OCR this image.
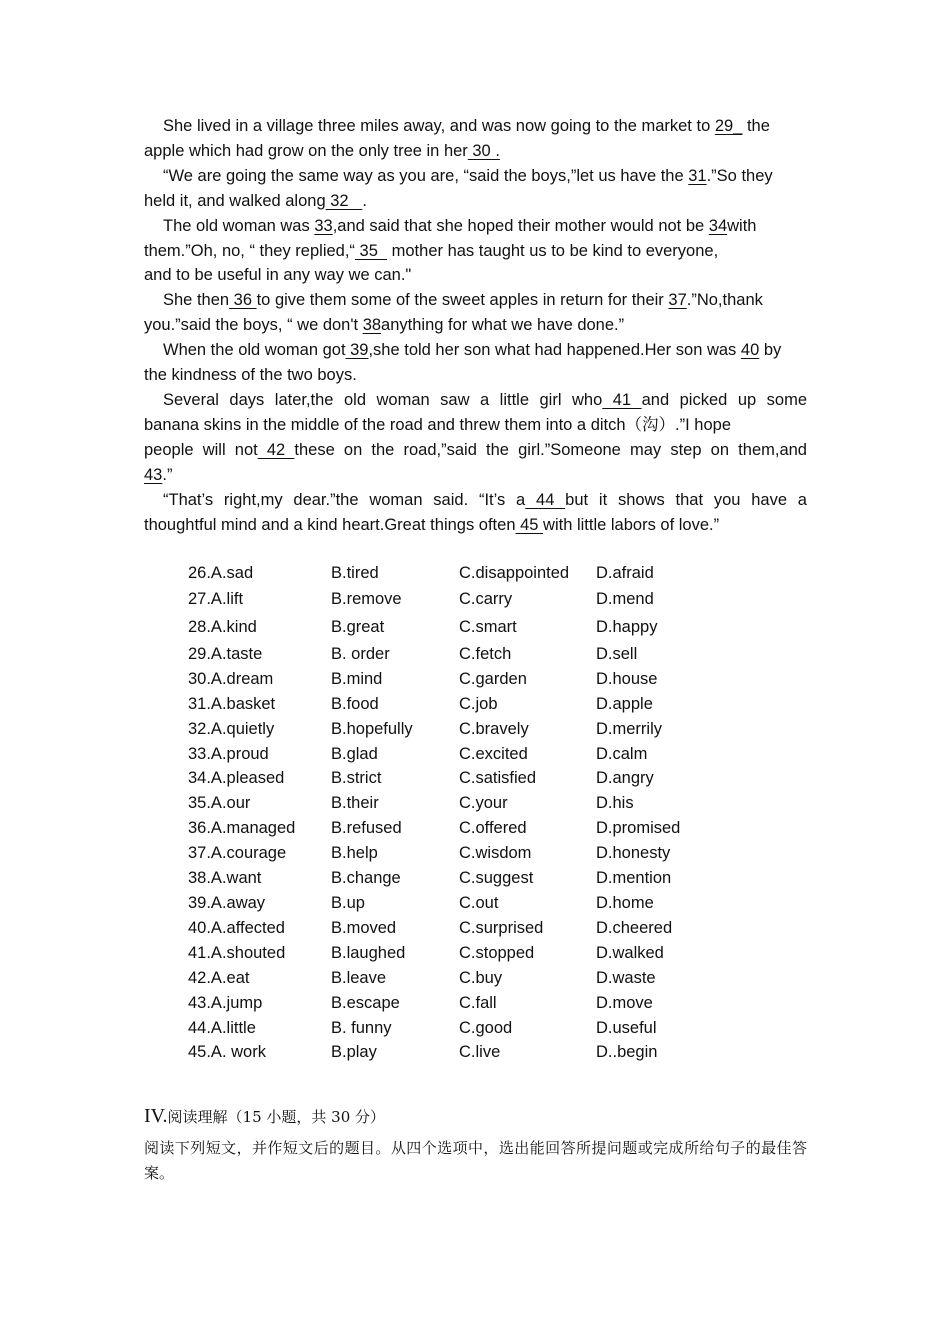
She lived in a village three miles away, and was now going to the market to 29_ the apple which had grow on the only tree in her 30 .

“We are going the same way as you are, “said the boys,”let us have the 31.”So they held it, and walked along 32   .

The old woman was 33,and said that she hoped their mother would not be 34with them.”Oh, no, “ they replied,“ 35   mother has taught us to be kind to everyone,

and to be useful in any way we can."

She then 36 to give them some of the sweet apples in return for their 37.”No,thank you.”said the boys, “ we don't 38anything for what we have done.”

When the old woman got 39,she told her son what had happened.Her son was 40 by the kindness of the two boys.

Several days later,the old woman saw a little girl who 41 and picked up some

banana skins in the middle of the road and threw them into a ditch（沟）.”I hope

people will not 42 these on the road,”said the girl.”Someone may step on them,and

43.”

“That’s right,my dear.”the woman said. “It’s a 44 but it shows that you have a

thoughtful mind and a kind heart.Great things often 45 with little labors of love.”

26.A.sad	B.tired	C.disappointed	D.afraid
27.A.lift	B.remove	C.carry	D.mend
28.A.kind	B.great	C.smart	D.happy
29.A.taste	B. order	C.fetch	D.sell
30.A.dream	B.mind	C.garden	D.house
31.A.basket	B.food	C.job	D.apple
32.A.quietly	B.hopefully	C.bravely	D.merrily
33.A.proud	B.glad	C.excited	D.calm
34.A.pleased	B.strict	C.satisfied	D.angry
35.A.our	B.their	C.your	D.his
36.A.managed	B.refused	C.offered	D.promised
37.A.courage	B.help	C.wisdom	D.honesty
38.A.want	B.change	C.suggest	D.mention
39.A.away	B.up	C.out	D.home
40.A.affected	B.moved	C.surprised	D.cheered
41.A.shouted	B.laughed	C.stopped	D.walked
42.A.eat	B.leave	C.buy	D.waste
43.A.jump	B.escape	C.fall	D.move
44.A.little	B. funny	C.good	D.useful
45.A. work	B.play	C.live	D..begin
IV.阅读理解（15 小题，共 30 分）
阅读下列短文，并作短文后的题目。从四个选项中，选出能回答所提问题或完成所给句子的最佳答案。
